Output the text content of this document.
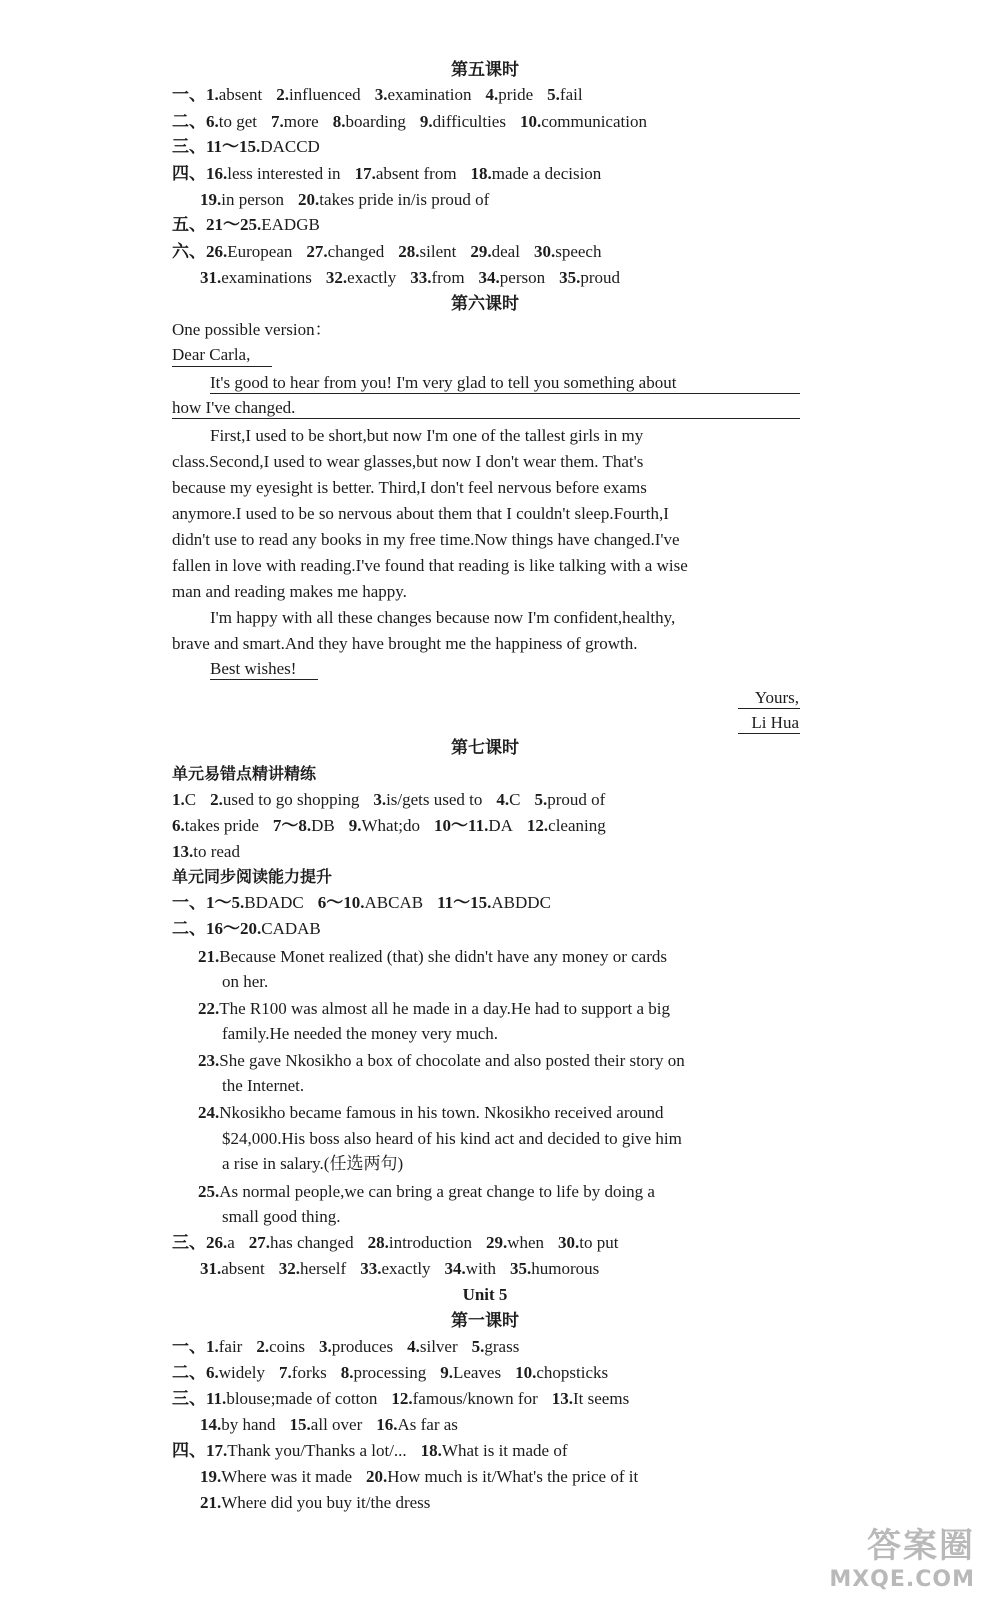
第五课时
一、1.absent 2.influenced 3.examination 4.pride 5.fail
二、6.to get 7.more 8.boarding 9.difficulties 10.communication
三、11～15.DACCD
四、16.less interested in 17.absent from 18.made a decision
19.in person 20.takes pride in/is proud of
五、21～25.EADGB
六、26.European 27.changed 28.silent 29.deal 30.speech
31.examinations 32.exactly 33.from 34.person 35.proud
第六课时
One possible version：
Dear Carla,
It's good to hear from you! I'm very glad to tell you something about
how I've changed.
First,I used to be short,but now I'm one of the tallest girls in my
class.Second,I used to wear glasses,but now I don't wear them. That's
because my eyesight is better. Third,I don't feel nervous before exams
anymore.I used to be so nervous about them that I couldn't sleep.Fourth,I
didn't use to read any books in my free time.Now things have changed.I've
fallen in love with reading.I've found that reading is like talking with a wise
man and reading makes me happy.
I'm happy with all these changes because now I'm confident,healthy,
brave and smart.And they have brought me the happiness of growth.
Best wishes!
Yours,
Li Hua
第七课时
单元易错点精讲精练
1.C 2.used to go shopping 3.is/gets used to 4.C 5.proud of
6.takes pride 7～8.DB 9.What;do 10～11.DA 12.cleaning
13.to read
单元同步阅读能力提升
一、1～5.BDADC 6～10.ABCAB 11～15.ABDDC
二、16～20.CADAB
21.Because Monet realized (that) she didn't have any money or cards
on her.
22.The R100 was almost all he made in a day.He had to support a big
family.He needed the money very much.
23.She gave Nkosikho a box of chocolate and also posted their story on
the Internet.
24.Nkosikho became famous in his town. Nkosikho received around
$24,000.His boss also heard of his kind act and decided to give him
a rise in salary.(任选两句)
25.As normal people,we can bring a great change to life by doing a
small good thing.
三、26.a 27.has changed 28.introduction 29.when 30.to put
31.absent 32.herself 33.exactly 34.with 35.humorous
Unit 5
第一课时
一、1.fair 2.coins 3.produces 4.silver 5.grass
二、6.widely 7.forks 8.processing 9.Leaves 10.chopsticks
三、11.blouse;made of cotton 12.famous/known for 13.It seems
14.by hand 15.all over 16.As far as
四、17.Thank you/Thanks a lot/... 18.What is it made of
19.Where was it made 20.How much is it/What's the price of it
21.Where did you buy it/the dress
答案圈
MXQE.COM
